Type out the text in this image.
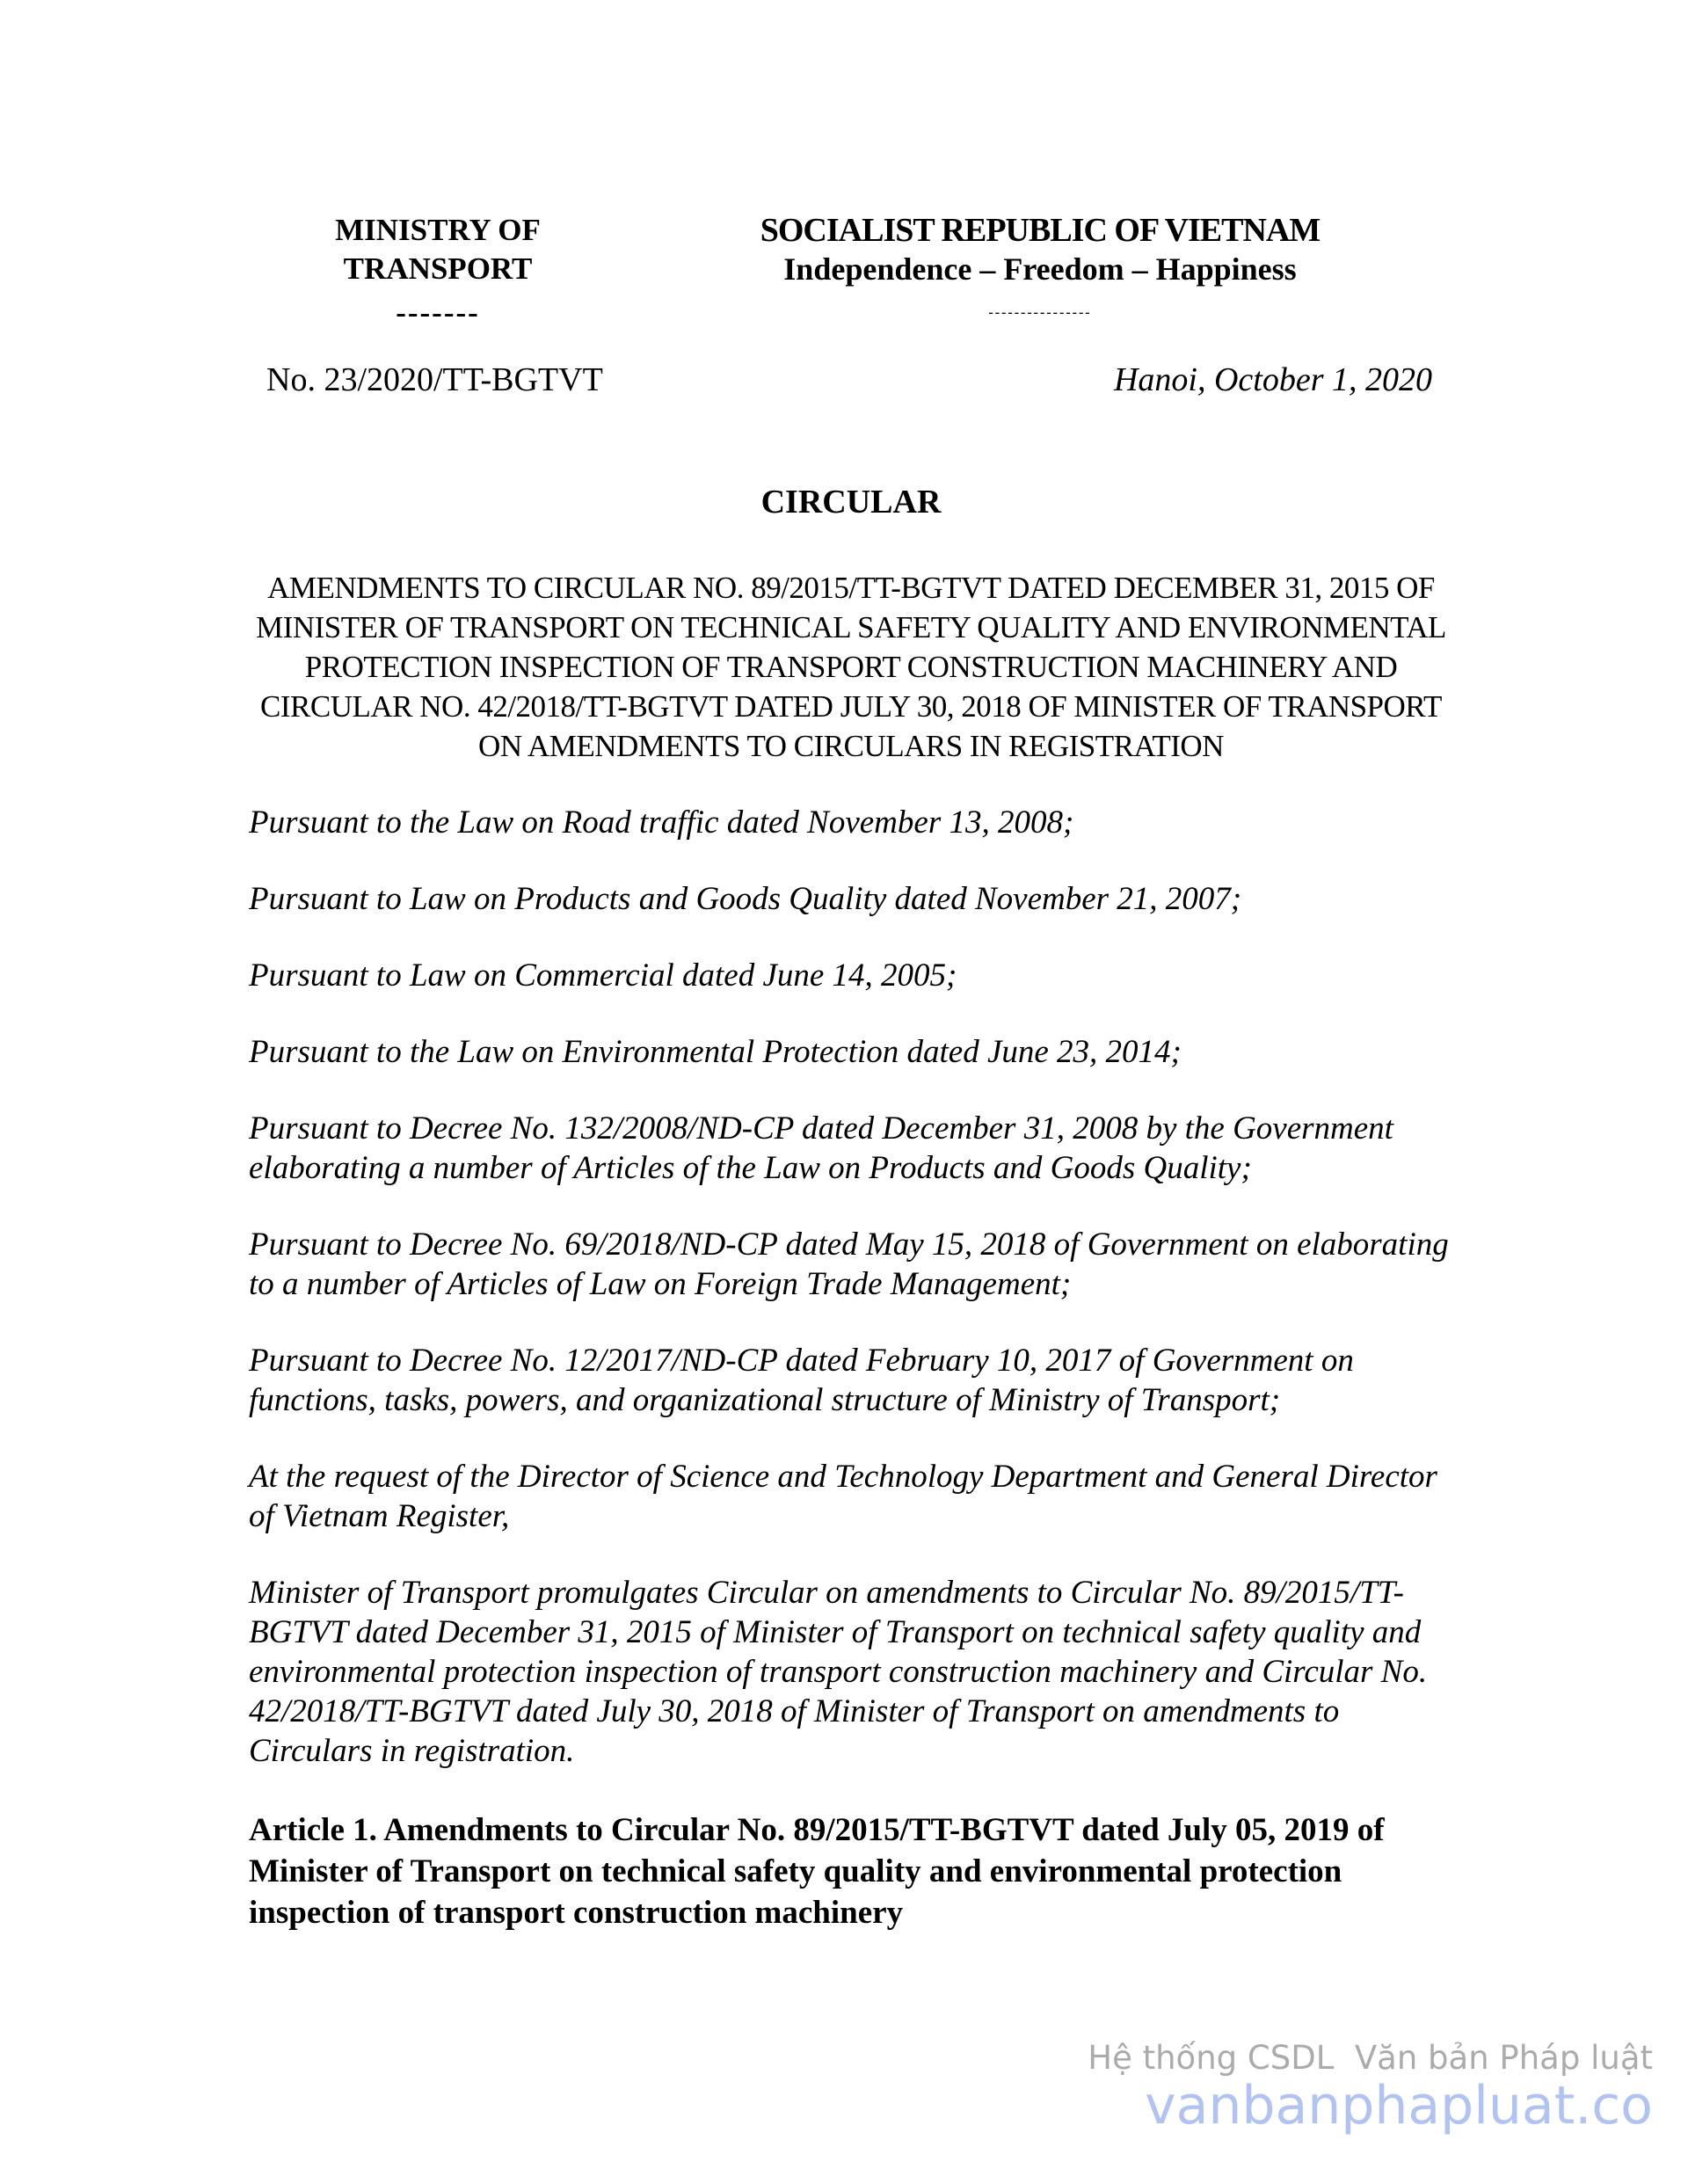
MINISTRY OF
TRANSPORT
-------
SOCIALIST REPUBLIC OF VIETNAM
Independence – Freedom – Happiness
----------------
No. 23/2020/TT-BGTVT	Hanoi, October 1, 2020
CIRCULAR
AMENDMENTS TO CIRCULAR NO. 89/2015/TT-BGTVT DATED DECEMBER 31, 2015 OF MINISTER OF TRANSPORT ON TECHNICAL SAFETY QUALITY AND ENVIRONMENTAL PROTECTION INSPECTION OF TRANSPORT CONSTRUCTION MACHINERY AND CIRCULAR NO. 42/2018/TT-BGTVT DATED JULY 30, 2018 OF MINISTER OF TRANSPORT ON AMENDMENTS TO CIRCULARS IN REGISTRATION

Pursuant to the Law on Road traffic dated November 13, 2008;

Pursuant to Law on Products and Goods Quality dated November 21, 2007;

Pursuant to Law on Commercial dated June 14, 2005;

Pursuant to the Law on Environmental Protection dated June 23, 2014;

Pursuant to Decree No. 132/2008/ND-CP dated December 31, 2008 by the Government elaborating a number of Articles of the Law on Products and Goods Quality;

Pursuant to Decree No. 69/2018/ND-CP dated May 15, 2018 of Government on elaborating to a number of Articles of Law on Foreign Trade Management;

Pursuant to Decree No. 12/2017/ND-CP dated February 10, 2017 of Government on functions, tasks, powers, and organizational structure of Ministry of Transport;

At the request of the Director of Science and Technology Department and General Director of Vietnam Register,

Minister of Transport promulgates Circular on amendments to Circular No. 89/2015/TT-BGTVT dated December 31, 2015 of Minister of Transport on technical safety quality and environmental protection inspection of transport construction machinery and Circular No. 42/2018/TT-BGTVT dated July 30, 2018 of Minister of Transport on amendments to Circulars in registration.

Article 1. Amendments to Circular No. 89/2015/TT-BGTVT dated July 05, 2019 of Minister of Transport on technical safety quality and environmental protection inspection of transport construction machinery

Hệ thống CSDL  Văn bản Pháp luật
vanbanphapluat.co
